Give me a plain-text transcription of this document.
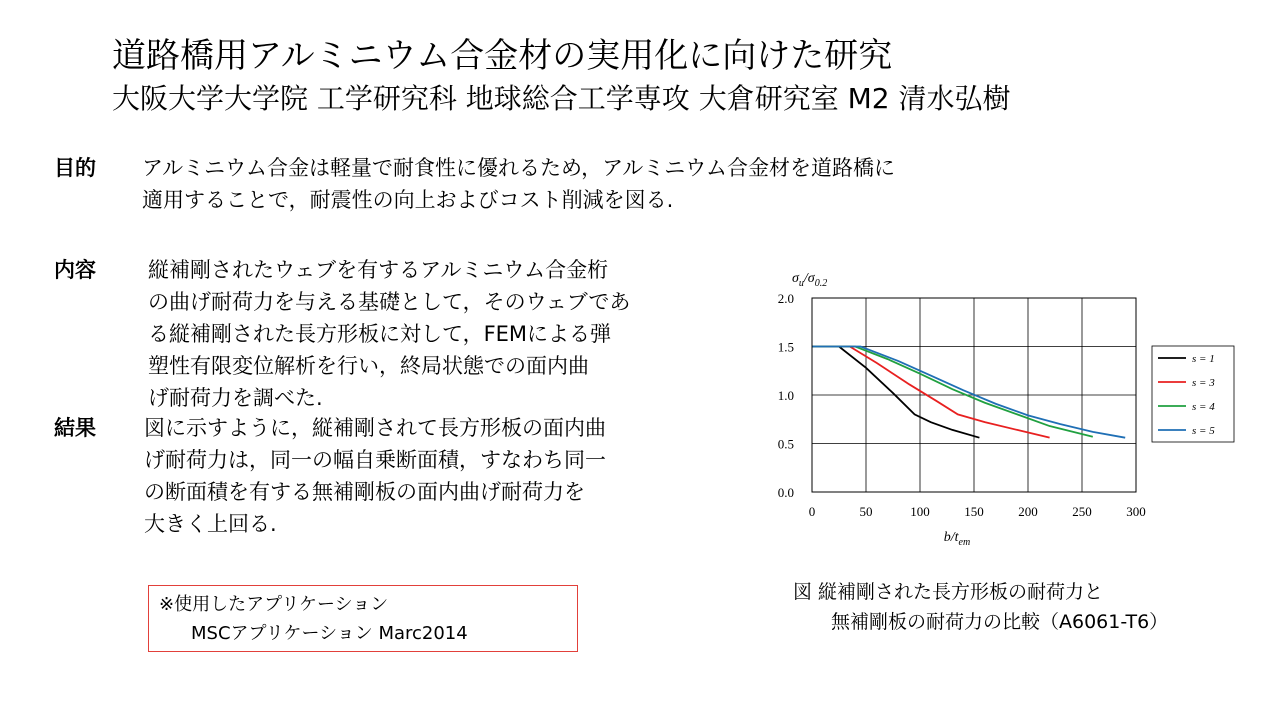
道路橋用アルミニウム合金材の実用化に向けた研究
大阪大学大学院 工学研究科 地球総合工学専攻 大倉研究室 M2 清水弘樹
目的 アルミニウム合金は軽量で耐食性に優れるため，アルミニウム合金材を道路橋に
適用することで，耐震性の向上およびコスト削減を図る.
内容 縦補剛されたウェブを有するアルミニウム合金桁
の曲げ耐荷力を与える基礎として，そのウェブであ
る縦補剛された長方形板に対して，FEMによる弾
塑性有限変位解析を行い，終局状態での面内曲
げ耐荷力を調べた.
結果 図に示すように，縦補剛されて長方形板の面内曲
げ耐荷力は，同一の幅自乗断面積，すなわち同一
の断面積を有する無補剛板の面内曲げ耐荷力を
大きく上回る.
※使用したアプリケーション
MSCアプリケーション Marc2014
0	50	100	150	200	250	300
0.0
0.5
1.0
1.5
2.0
$\sigma_u/\sigma_{0.2}$
$b/t_{em}$
s = 1
s = 3
s = 4
s = 5
図 縦補剛された長方形板の耐荷力と
無補剛板の耐荷力の比較（A6061-T6）
